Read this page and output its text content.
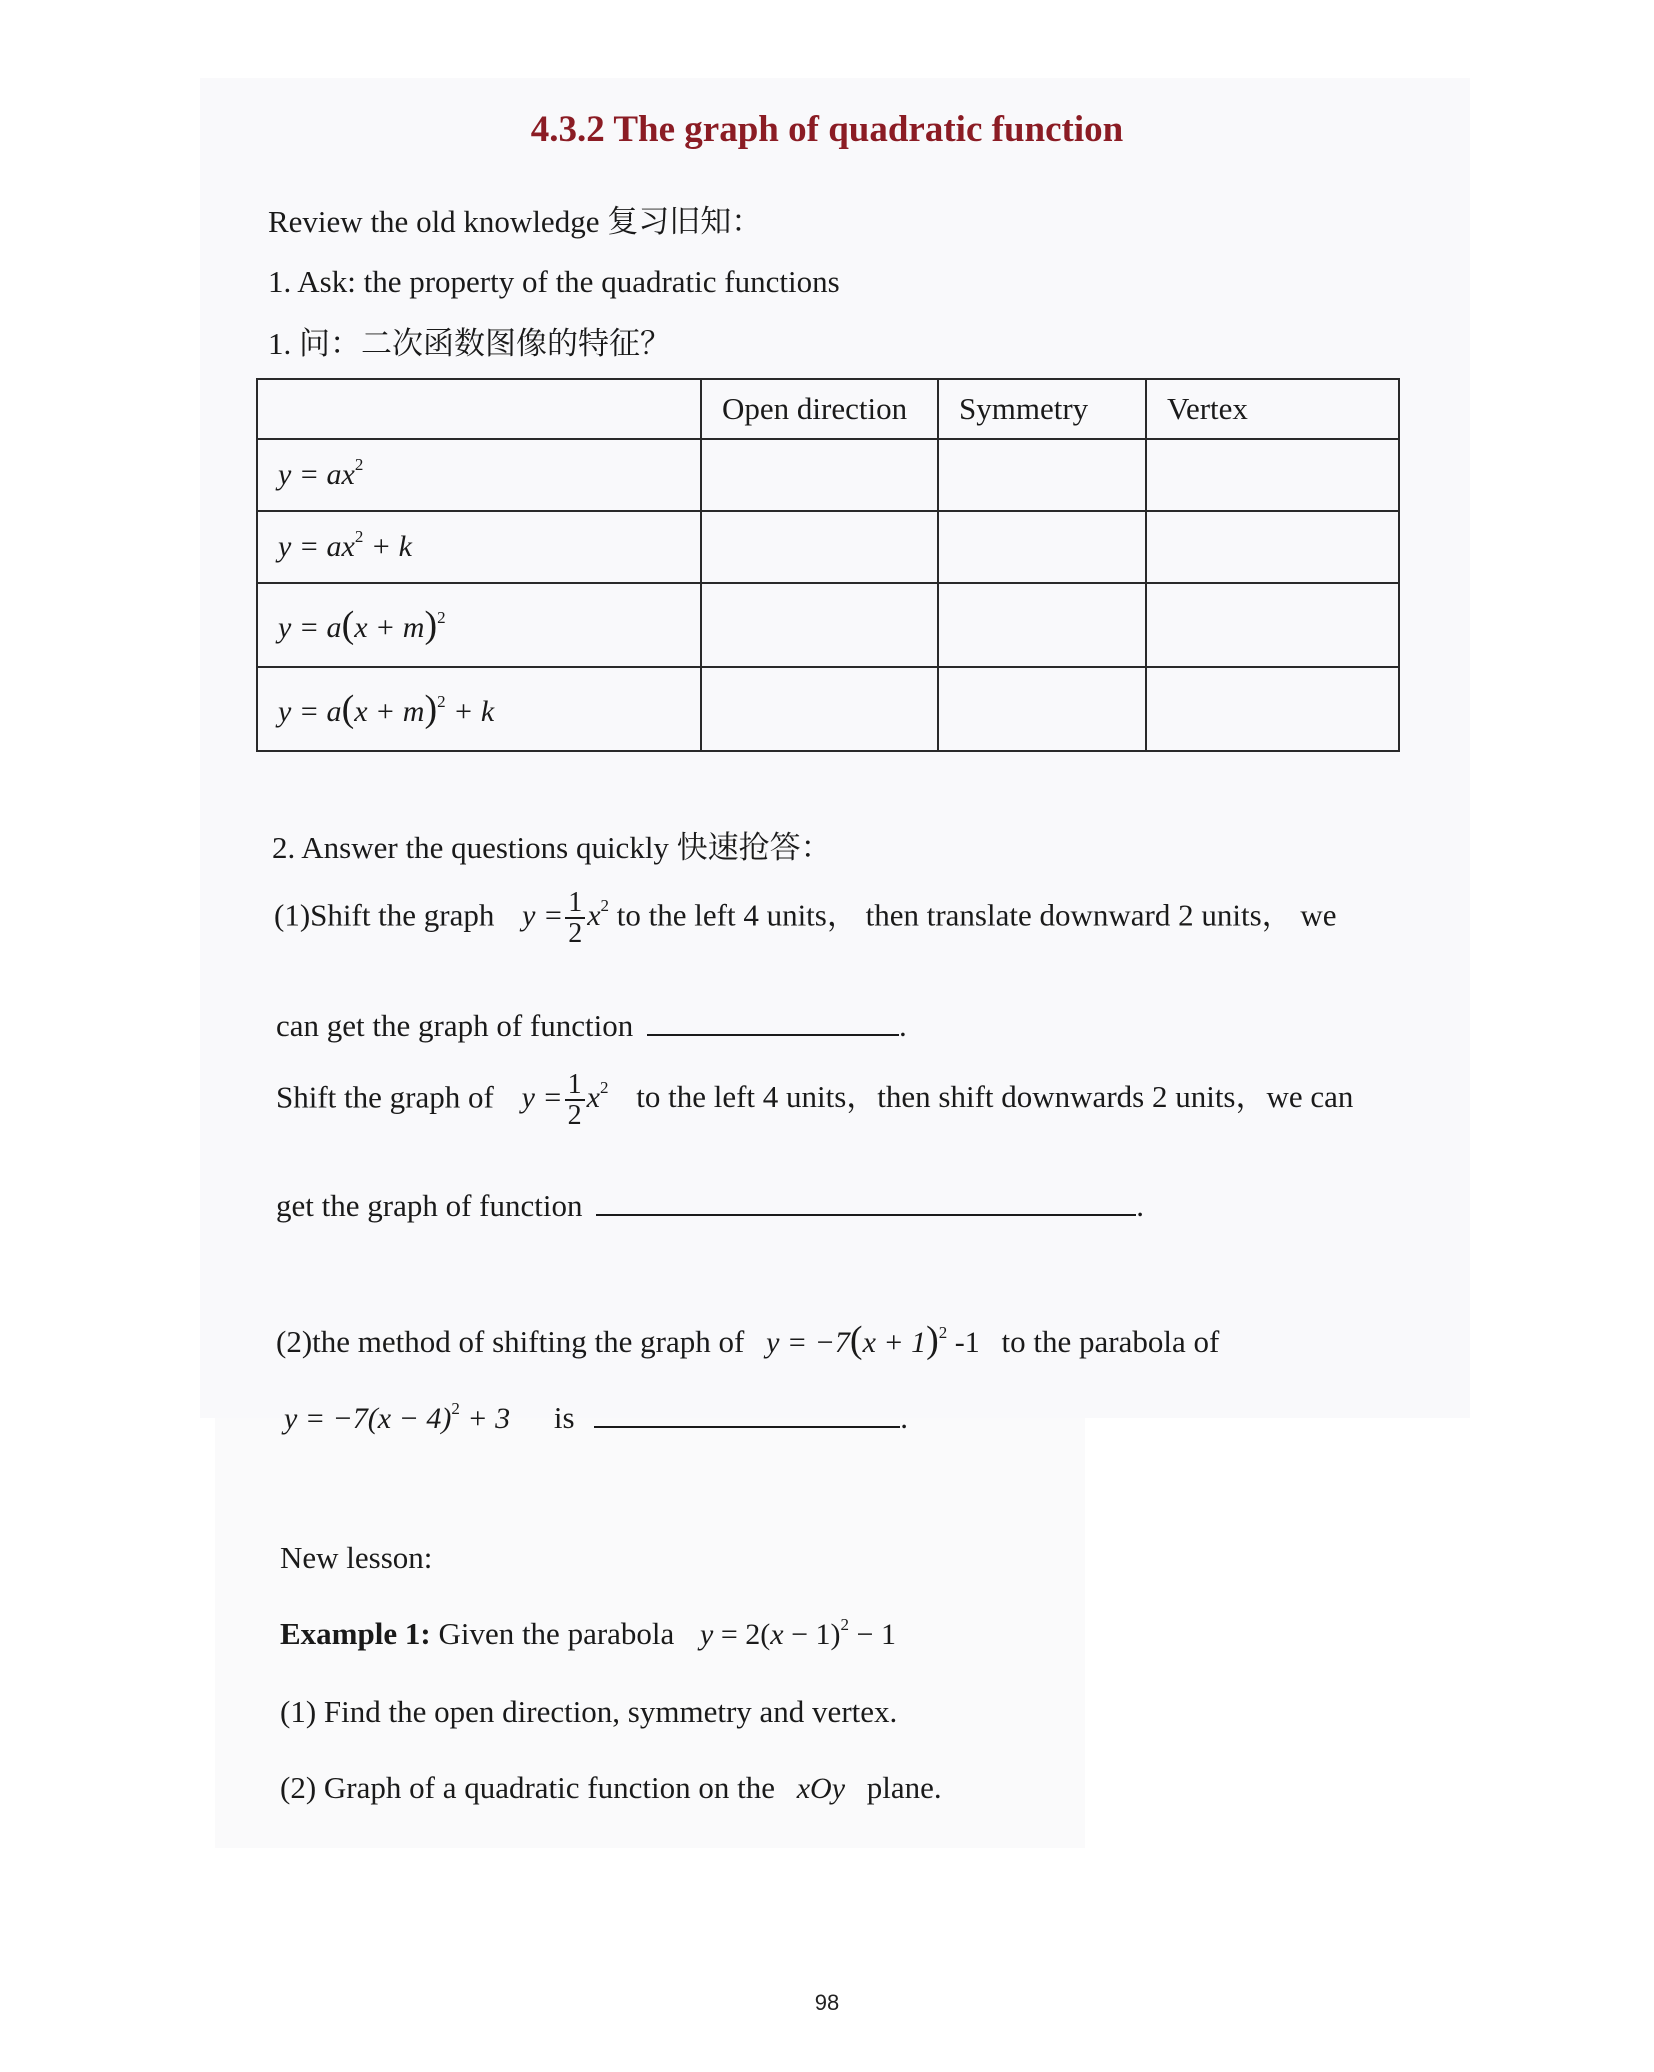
4.3.2 The graph of quadratic function
Review the old knowledge 复习旧知：
1. Ask: the property of the quadratic functions
1. 问：二次函数图像的特征？
	Open direction	Symmetry	Vertex
$y = ax^2$			
$y = ax^2 + k$			
$y = a(x + m)^2$			
$y = a(x + m)^2 + k$			
2. Answer the questions quickly 快速抢答：
(1)Shift the graph $y = \frac{1}{2} x^2$ to the left 4 units， then translate downward 2 units， we
can get the graph of function	.
Shift the graph of $y = \frac{1}{2} x^2$ to the left 4 units，then shift downwards 2 units，we can
get the graph of function	.
(2)the method of shifting the graph of $y = -7(x + 1)^2$ -1 to the parabola of
$y = -7(x - 4)^2 + 3$ is	.
New lesson:
Example 1: Given the parabola $y = 2(x - 1)^2 - 1$
(1) Find the open direction, symmetry and vertex.
(2) Graph of a quadratic function on the xOy plane.
98
